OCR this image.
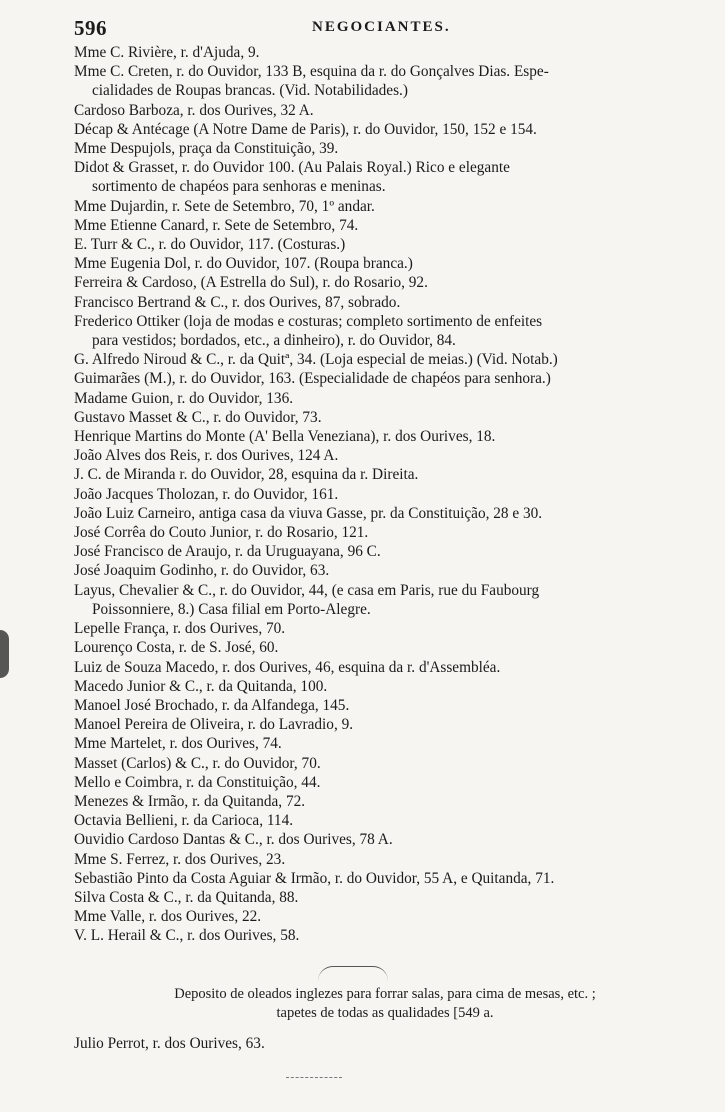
596	NEGOCIANTES.
Mme C. Rivière, r. d'Ajuda, 9.
Mme C. Creten, r. do Ouvidor, 133 B, esquina da r. do Gonçalves Dias. Espe-
cialidades de Roupas brancas. (Vid. Notabilidades.)
Cardoso Barboza, r. dos Ourives, 32 A.
Décap & Antécage (A Notre Dame de Paris), r. do Ouvidor, 150, 152 e 154.
Mme Despujols, praça da Constituição, 39.
Didot & Grasset, r. do Ouvidor 100. (Au Palais Royal.) Rico e elegante
sortimento de chapéos para senhoras e meninas.
Mme Dujardin, r. Sete de Setembro, 70, 1º andar.
Mme Etienne Canard, r. Sete de Setembro, 74.
E. Turr & C., r. do Ouvidor, 117. (Costuras.)
Mme Eugenia Dol, r. do Ouvidor, 107. (Roupa branca.)
Ferreira & Cardoso, (A Estrella do Sul), r. do Rosario, 92.
Francisco Bertrand & C., r. dos Ourives, 87, sobrado.
Frederico Ottiker (loja de modas e costuras; completo sortimento de enfeites
para vestidos; bordados, etc., a dinheiro), r. do Ouvidor, 84.
G. Alfredo Niroud & C., r. da Quitª, 34. (Loja especial de meias.) (Vid. Notab.)
Guimarães (M.), r. do Ouvidor, 163. (Especialidade de chapéos para senhora.)
Madame Guion, r. do Ouvidor, 136.
Gustavo Masset & C., r. do Ouvidor, 73.
Henrique Martins do Monte (A' Bella Veneziana), r. dos Ourives, 18.
João Alves dos Reis, r. dos Ourives, 124 A.
J. C. de Miranda r. do Ouvidor, 28, esquina da r. Direita.
João Jacques Tholozan, r. do Ouvidor, 161.
João Luiz Carneiro, antiga casa da viuva Gasse, pr. da Constituição, 28 e 30.
José Corrêa do Couto Junior, r. do Rosario, 121.
José Francisco de Araujo, r. da Uruguayana, 96 C.
José Joaquim Godinho, r. do Ouvidor, 63.
Layus, Chevalier & C., r. do Ouvidor, 44, (e casa em Paris, rue du Faubourg
Poissonniere, 8.) Casa filial em Porto-Alegre.
Lepelle França, r. dos Ourives, 70.
Lourenço Costa, r. de S. José, 60.
Luiz de Souza Macedo, r. dos Ourives, 46, esquina da r. d'Assembléa.
Macedo Junior & C., r. da Quitanda, 100.
Manoel José Brochado, r. da Alfandega, 145.
Manoel Pereira de Oliveira, r. do Lavradio, 9.
Mme Martelet, r. dos Ourives, 74.
Masset (Carlos) & C., r. do Ouvidor, 70.
Mello e Coimbra, r. da Constituição, 44.
Menezes & Irmão, r. da Quitanda, 72.
Octavia Bellieni, r. da Carioca, 114.
Ouvidio Cardoso Dantas & C., r. dos Ourives, 78 A.
Mme S. Ferrez, r. dos Ourives, 23.
Sebastião Pinto da Costa Aguiar & Irmão, r. do Ouvidor, 55 A, e Quitanda, 71.
Silva Costa & C., r. da Quitanda, 88.
Mme Valle, r. dos Ourives, 22.
V. L. Herail & C., r. dos Ourives, 58.
Deposito de oleados inglezes para forrar salas, para cima de mesas, etc. ;
tapetes de todas as qualidades [549 a.
Julio Perrot, r. dos Ourives, 63.
